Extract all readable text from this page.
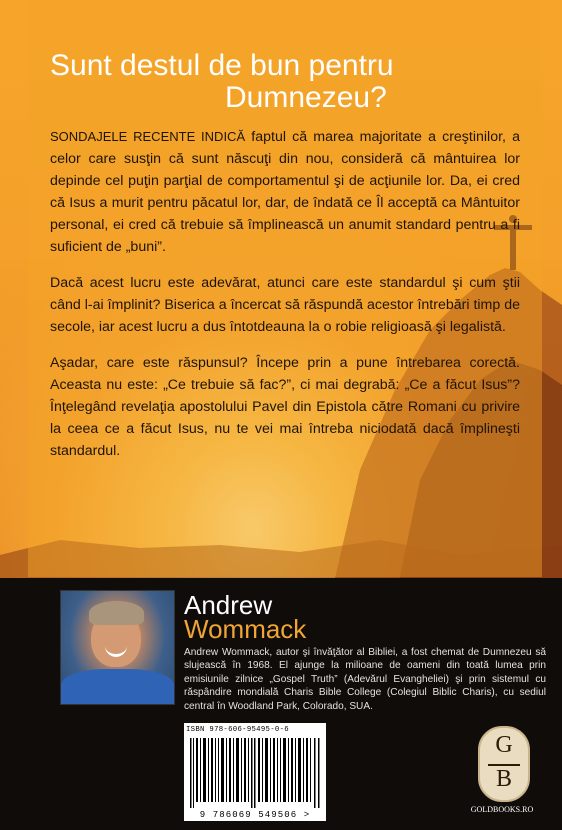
Sunt destul de bun pentru
Dumnezeu?

SONDAJELE RECENTE INDICĂ faptul că marea majoritate a creştinilor, a celor care susţin că sunt născuţi din nou, consideră că mântuirea lor depinde cel puţin parţial de comportamentul şi de acţiunile lor. Da, ei cred că Isus a murit pentru păcatul lor, dar, de îndată ce Îl acceptă ca Mântuitor personal, ei cred că trebuie să împlinească un anumit standard pentru a fi suficient de „buni”.

Dacă acest lucru este adevărat, atunci care este standardul şi cum ştii când l-ai împlinit? Biserica a încercat să răspundă acestor întrebări timp de secole, iar acest lucru a dus întotdeauna la o robie religioasă şi legalistă.

Aşadar, care este răspunsul? Începe prin a pune întrebarea corectă. Aceasta nu este: „Ce trebuie să fac?”, ci mai degrabă: „Ce a făcut Isus”? Înţelegând revelaţia apostolului Pavel din Epistola către Romani cu privire la ceea ce a făcut Isus, nu te vei mai întreba niciodată dacă împlineşti standardul.

Andrew
Wommack
Andrew Wommack, autor şi învăţător al Bibliei, a fost chemat de Dumnezeu să slujească în 1968. El ajunge la milioane de oameni din toată lumea prin emisiunile zilnice „Gospel Truth” (Adevărul Evangheliei) şi prin sistemul cu răspândire mondială Charis Bible College (Colegiul Biblic Charis), cu sediul central în Woodland Park, Colorado, SUA.
ISBN 978-606-95495-0-6
9 786069 549506 >
G
B
GOLDBOOKS.RO
